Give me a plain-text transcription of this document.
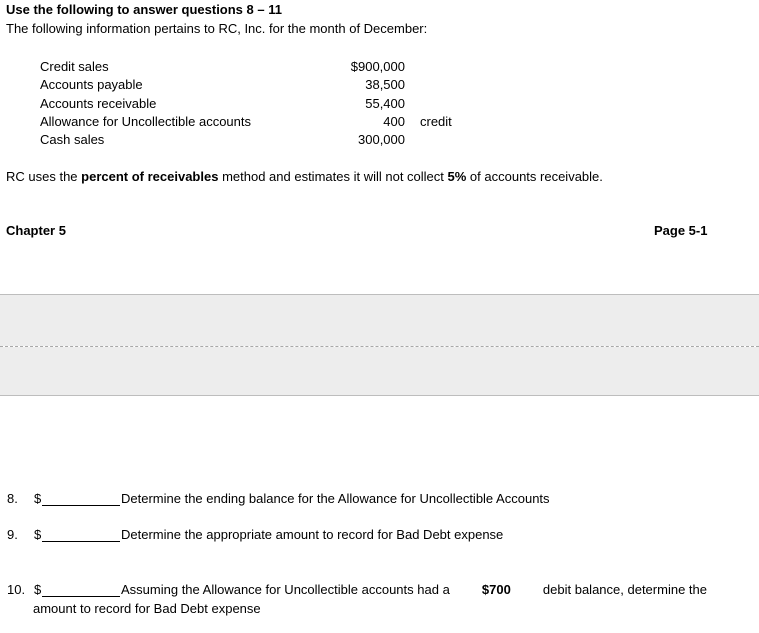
Use the following to answer questions 8 – 11
The following information pertains to RC, Inc. for the month of December:
Credit sales	$900,000
Accounts payable	38,500
Accounts receivable	55,400
Allowance for Uncollectible accounts	400 credit
Cash sales	300,000
RC uses the percent of receivables method and estimates it will not collect 5% of accounts receivable.
Chapter 5	Page 5-1
8. $	Determine the ending balance for the Allowance for Uncollectible Accounts
9. $	Determine the appropriate amount to record for Bad Debt expense
10. $	Assuming the Allowance for Uncollectible accounts had a $700 debit balance, determine the
amount to record for Bad Debt expense
